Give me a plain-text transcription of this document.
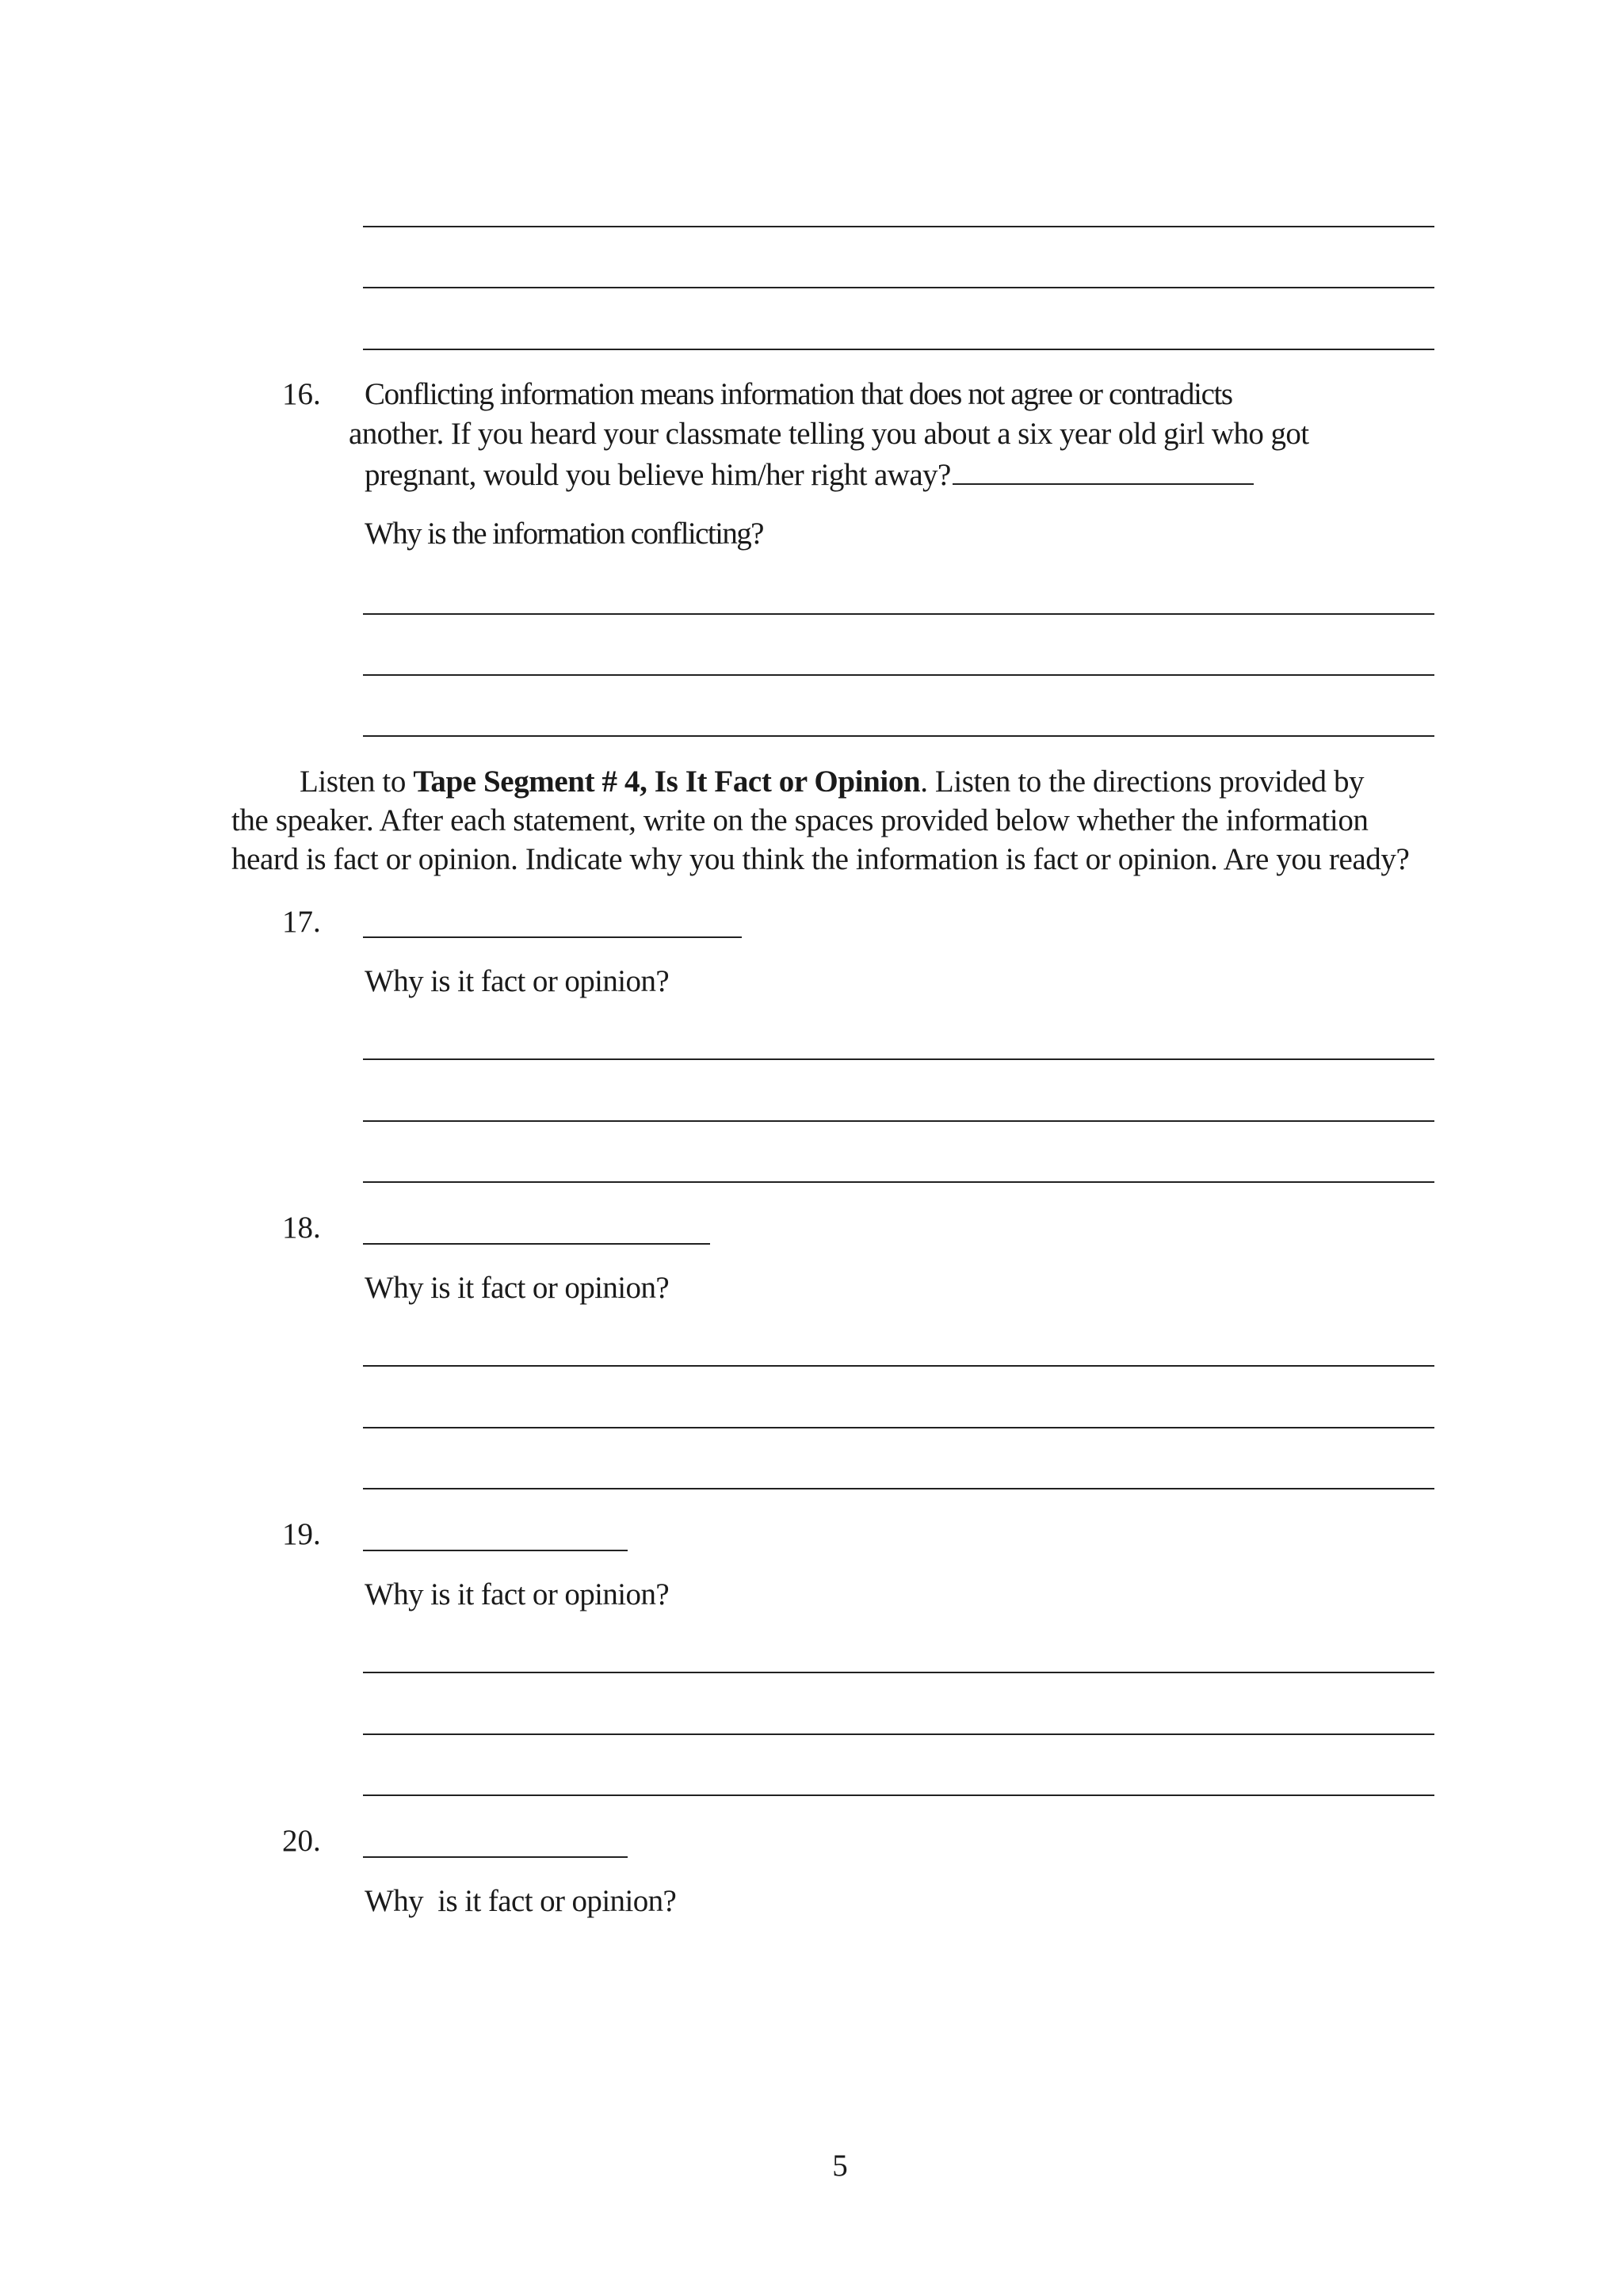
16. Conflicting information means information that does not agree or contradicts
another. If you heard your classmate telling you about a six year old girl who got
pregnant, would you believe him/her right away?
Why is the information conflicting?
Listen to Tape Segment # 4, Is It Fact or Opinion. Listen to the directions provided by
the speaker. After each statement, write on the spaces provided below whether the information
heard is fact or opinion. Indicate why you think the information is fact or opinion. Are you ready?
17.
Why is it fact or opinion?
18.
Why is it fact or opinion?
19.
Why is it fact or opinion?
20.
Why  is it fact or opinion?
5
